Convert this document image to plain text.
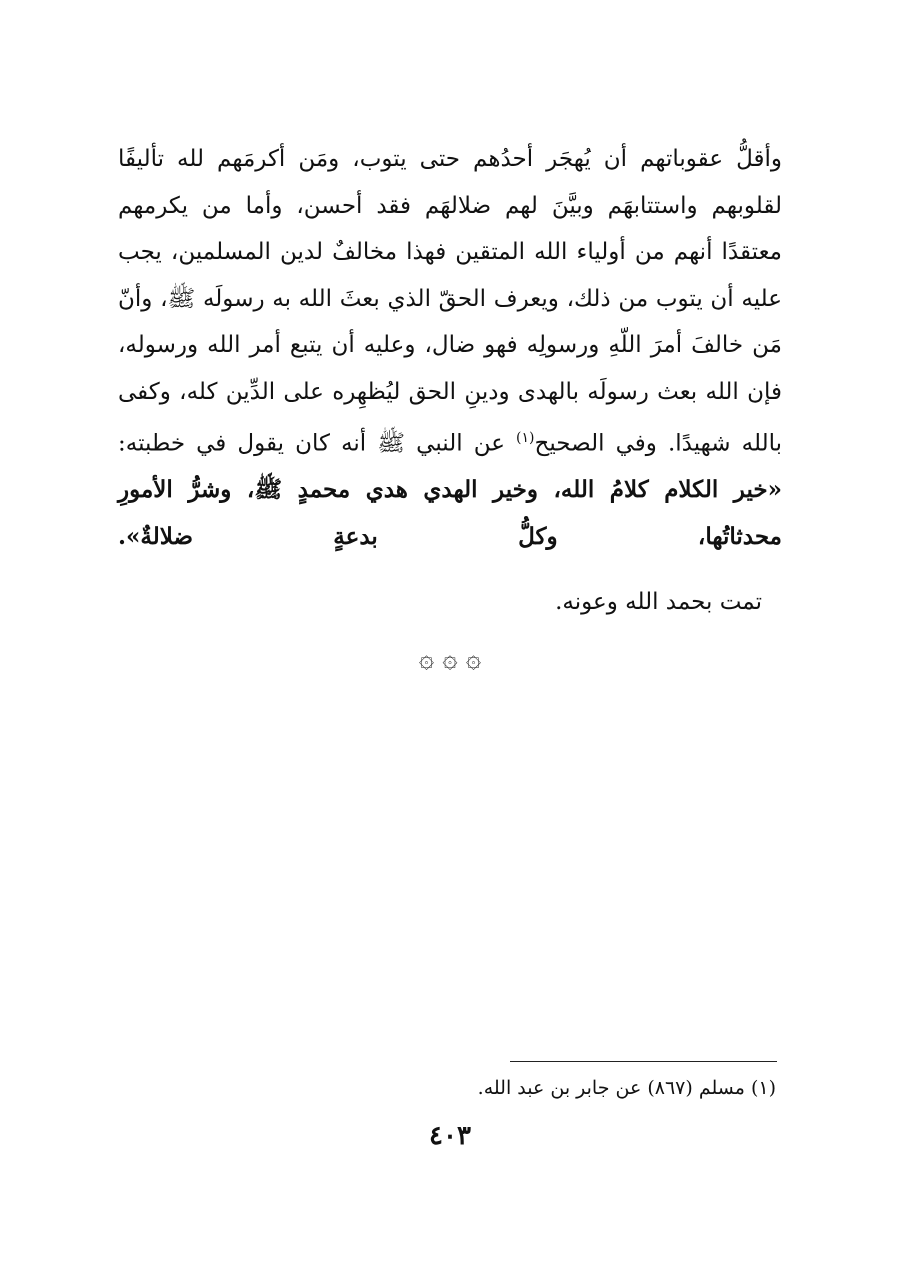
وأقلُّ عقوباتهم أن يُهجَر أحدُهم حتى يتوب، ومَن أكرمَهم لله تأليفًا
لقلوبهم واستتابهَم وبيَّنَ لهم ضلالهَم فقد أحسن، وأما من يكرمهم
معتقدًا أنهم من أولياء الله المتقين فهذا مخالفٌ لدين المسلمين، يجب
عليه أن يتوب من ذلك، ويعرف الحقّ الذي بعثَ الله به رسولَه ﷺ، وأنّ
مَن خالفَ أمرَ اللّهِ ورسولِه فهو ضال، وعليه أن يتبع أمر الله ورسوله،
فإن الله بعث رسولَه بالهدى ودينِ الحق ليُظهِره على الدِّين كله، وكفى
بالله شهيدًا. وفي الصحيح$^{(١)}$ عن النبي ﷺ أنه كان يقول في خطبته:
«خير الكلام كلامُ الله، وخير الهدي هدي محمدٍ ﷺ، وشرُّ الأمورِ
محدثاتُها، وكلُّ بدعةٍ ضلالةٌ».
تمت بحمد الله وعونه.
۞ ۞ ۞
(١) مسلم (٨٦٧) عن جابر بن عبد الله.
٤٠٣
